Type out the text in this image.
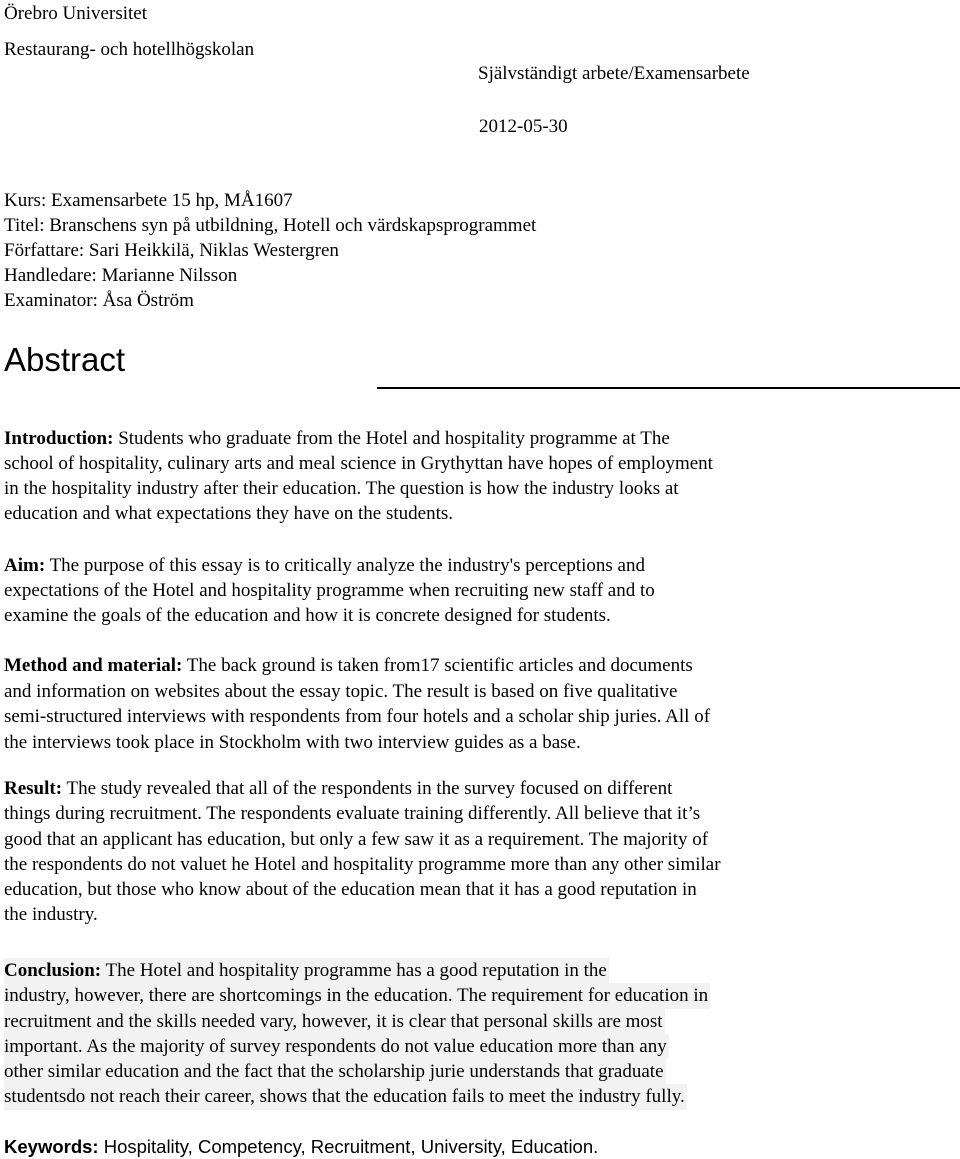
Örebro Universitet
Restaurang- och hotellhögskolan
Självständigt arbete/Examensarbete
2012-05-30
Kurs: Examensarbete 15 hp, MÅ1607
Titel: Branschens syn på utbildning, Hotell och värdskapsprogrammet
Författare: Sari Heikkilä, Niklas Westergren
Handledare: Marianne Nilsson
Examinator: Åsa Öström
Abstract
Introduction: Students who graduate from the Hotel and hospitality programme at The
school of hospitality, culinary arts and meal science in Grythyttan have hopes of employment
in the hospitality industry after their education. The question is how the industry looks at
education and what expectations they have on the students.
Aim: The purpose of this essay is to critically analyze the industry's perceptions and
expectations of the Hotel and hospitality programme when recruiting new staff and to
examine the goals of the education and how it is concrete designed for students.
Method and material: The back ground is taken from17 scientific articles and documents
and information on websites about the essay topic. The result is based on five qualitative
semi-structured interviews with respondents from four hotels and a scholar ship juries. All of
the interviews took place in Stockholm with two interview guides as a base.
Result: The study revealed that all of the respondents in the survey focused on different
things during recruitment. The respondents evaluate training differently. All believe that it’s
good that an applicant has education, but only a few saw it as a requirement. The majority of
the respondents do not valuet he Hotel and hospitality programme more than any other similar
education, but those who know about of the education mean that it has a good reputation in
the industry.
Conclusion: The Hotel and hospitality programme has a good reputation in the
industry, however, there are shortcomings in the education. The requirement for education in
recruitment and the skills needed vary, however, it is clear that personal skills are most
important. As the majority of survey respondents do not value education more than any
other similar education and the fact that the scholarship jurie understands that graduate
studentsdo not reach their career, shows that the education fails to meet the industry fully.
Keywords: Hospitality, Competency, Recruitment, University, Education.
